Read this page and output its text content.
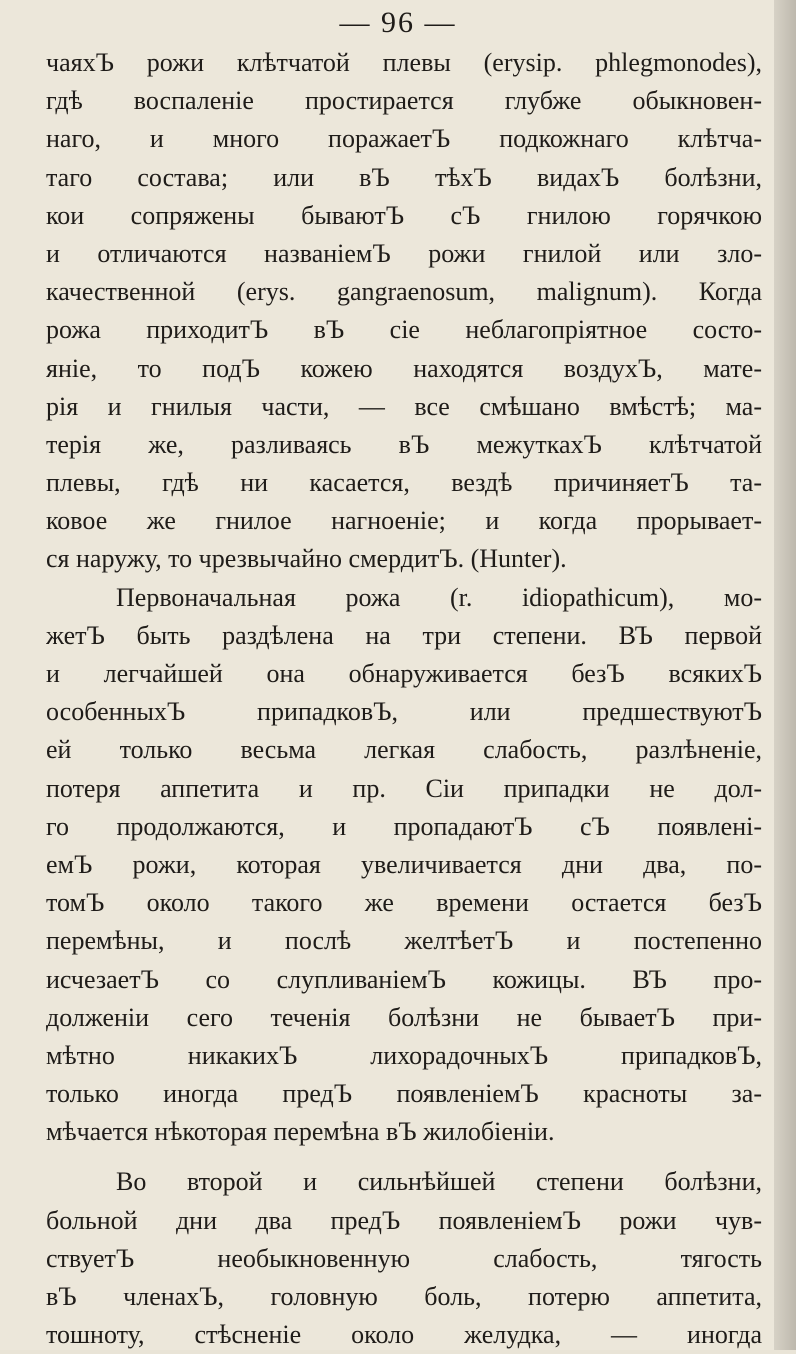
— 96 —
чаяхЪ рожи клѣтчатой плевы (erysip. phlegmonodes),
гдѣ воспаленіе простирается глубже обыкновен-
наго, и много поражаетЪ подкожнаго клѣтча-
таго состава; или вЪ тѣхЪ видахЪ болѣзни,
кои сопряжены бываютЪ сЪ гнилою горячкою
и отличаются названіемЪ рожи гнилой или зло-
качественной (erys. gangraenosum, malignum). Когда
рожа приходитЪ вЪ сіе неблагопріятное состо-
яніе, то подЪ кожею находятся воздухЪ, мате-
рія и гнилыя части, — все смѣшано вмѣстѣ; ма-
терія же, разливаясь вЪ межуткахЪ клѣтчатой
плевы, гдѣ ни касается, вездѣ причиняетЪ та-
ковое же гнилое нагноеніе; и когда прорывает-
ся наружу, то чрезвычайно смердитЪ. (Hunter).
Первоначальная рожа (r. idiopathicum), мо-
жетЪ быть раздѣлена на три степени. ВЪ первой
и легчайшей она обнаруживается безЪ всякихЪ
особенныхЪ припадковЪ, или предшествуютЪ
ей только весьма легкая слабость, разлѣненіе,
потеря аппетита и пр. Сіи припадки не дол-
го продолжаются, и пропадаютЪ сЪ появлені-
емЪ рожи, которая увеличивается дни два, по-
томЪ около такого же времени остается безЪ
перемѣны, и послѣ желтѣетЪ и постепенно
исчезаетЪ со слупливаніемЪ кожицы. ВЪ про-
долженіи сего теченія болѣзни не бываетЪ при-
мѣтно никакихЪ лихорадочныхЪ припадковЪ,
только иногда предЪ появленіемЪ красноты за-
мѣчается нѣкоторая перемѣна вЪ жилобіеніи.
Во второй и сильнѣйшей степени болѣзни,
больной дни два предЪ появленіемЪ рожи чув-
ствуетЪ необыкновенную слабость, тягость
вЪ членахЪ, головную боль, потерю аппетита,
тошноту, стѣсненіе около желудка, — иногда
